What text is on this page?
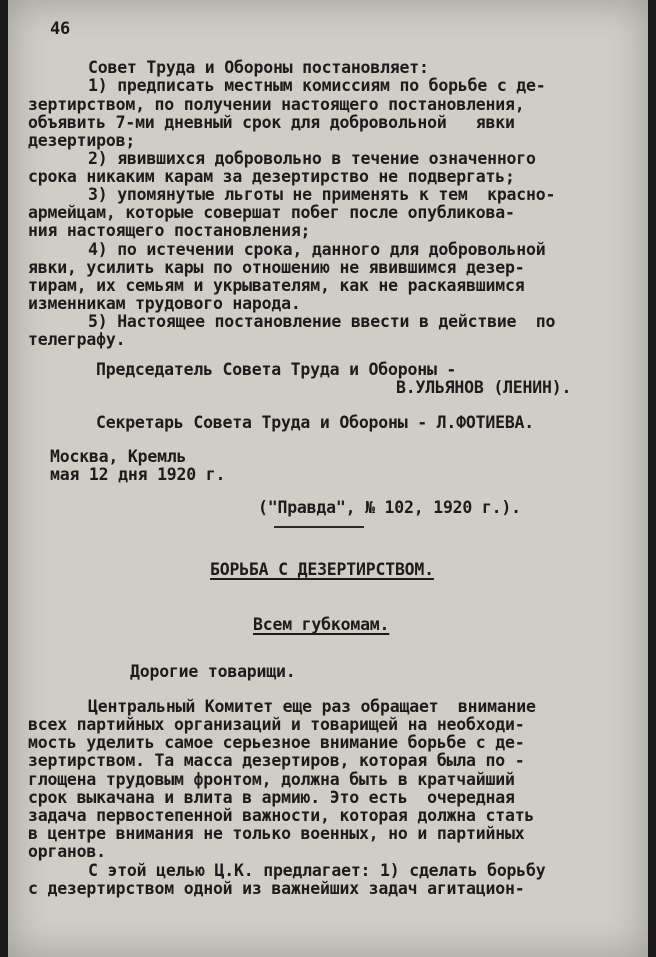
46
Совет Труда и Обороны постановляет:
1) предписать местным комиссиям по борьбе с де-
зертирством, по получении настоящего постановления,
объявить 7-ми дневный срок для добровольной   явки
дезертиров;
2) явившихся добровольно в течение означенного
срока никаким карам за дезертирство не подвергать;
3) упомянутые льготы не применять к тем  красно-
армейцам, которые совершат побег после опубликова-
ния настоящего постановления;
4) по истечении срока, данного для добровольной
явки, усилить кары по отношению не явившимся дезер-
тирам, их семьям и укрывателям, как не раскаявшимся
изменникам трудового народа.
5) Настоящее постановление ввести в действие  по
телеграфу.
Председатель Совета Труда и Обороны -
В.УЛЬЯНОВ (ЛЕНИН).
Секретарь Совета Труда и Обороны - Л.ФОТИЕВА.
Москва, Кремль
мая 12 дня 1920 г.
("Правда", № 102, 1920 г.).
БОРЬБА С ДЕЗЕРТИРСТВОМ.
Всем губкомам.
Дорогие товарищи.
Центральный Комитет еще раз обращает  внимание
всех партийных организаций и товарищей на необходи-
мость уделить самое серьезное внимание борьбе с де-
зертирством. Та масса дезертиров, которая была по -
глощена трудовым фронтом, должна быть в кратчайший
срок выкачана и влита в армию. Это есть  очередная
задача первостепенной важности, которая должна стать
в центре внимания не только военных, но и партийных
органов.
С этой целью Ц.К. предлагает: 1) сделать борьбу
с дезертирством одной из важнейших задач агитацион-
